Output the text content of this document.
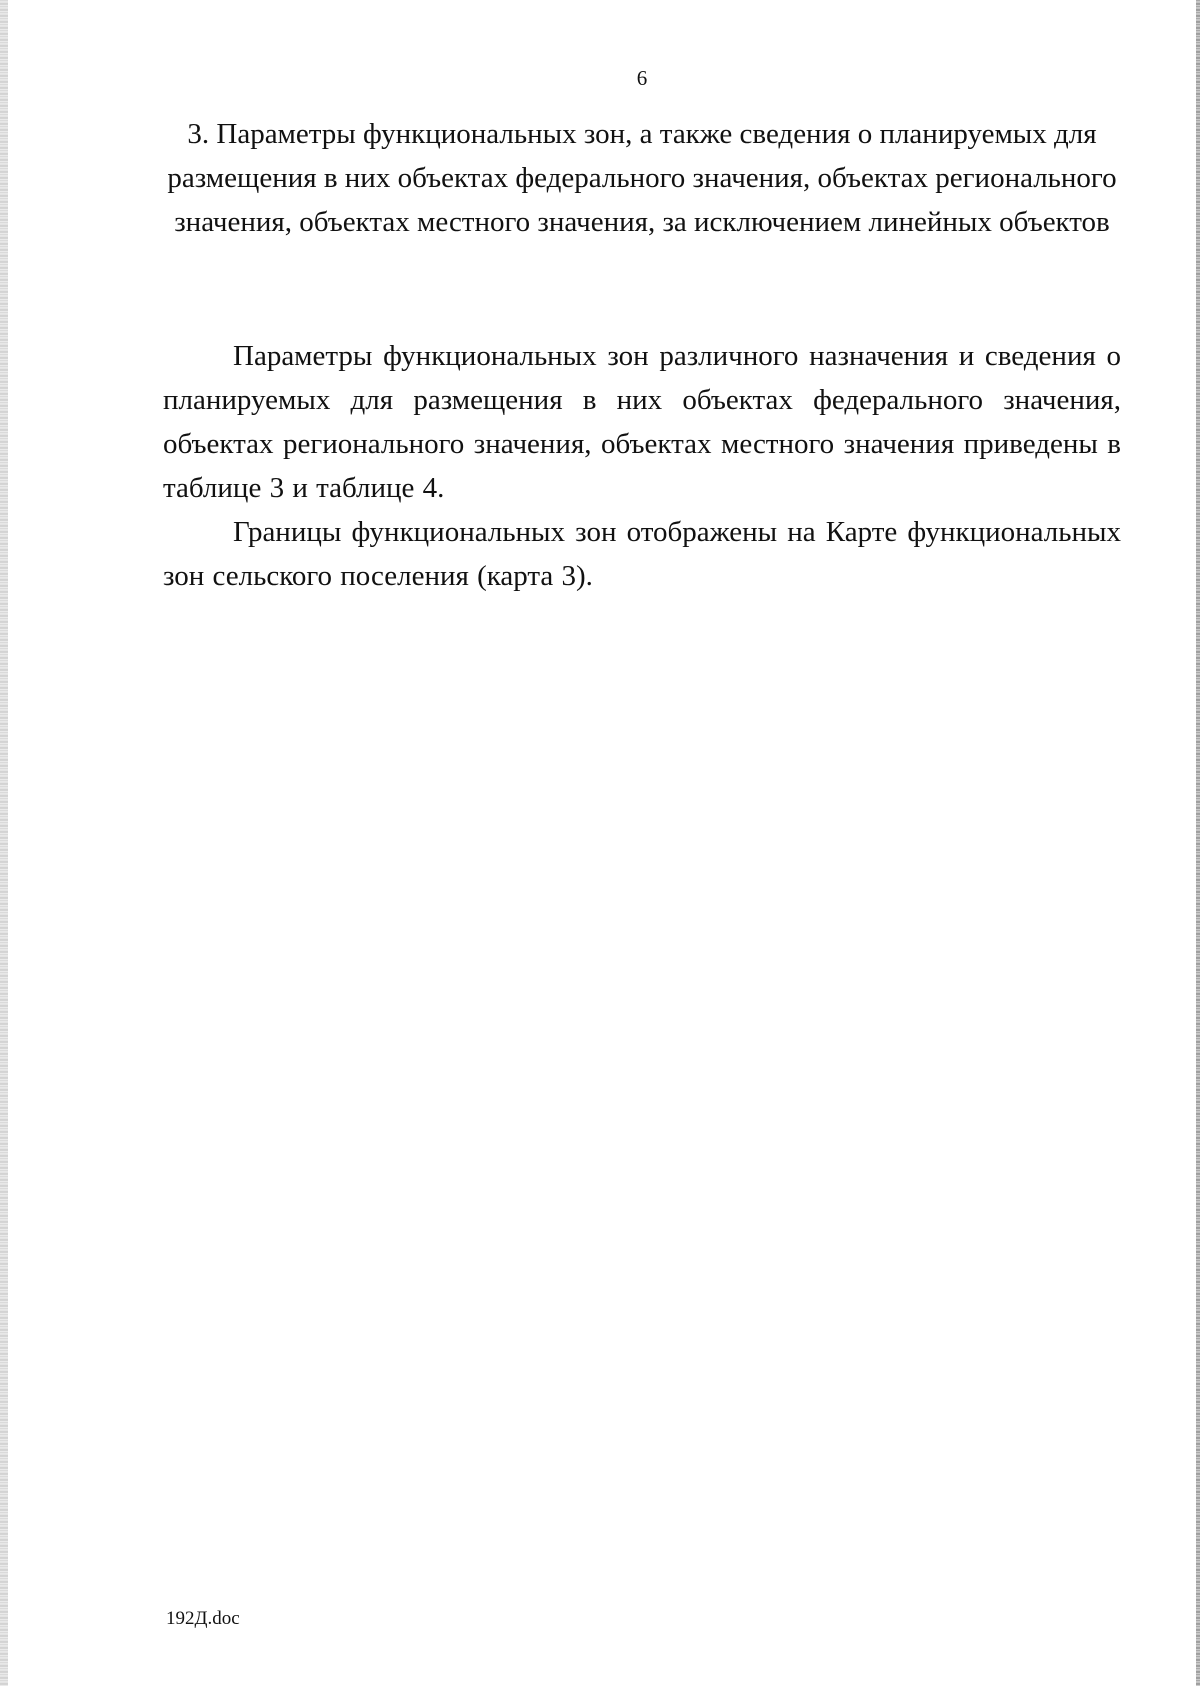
6
3. Параметры функциональных зон, а также сведения о планируемых для размещения в них объектах федерального значения, объектах регионального значения, объектах местного значения, за исключением линейных объектов

Параметры функциональных зон различного назначения и сведения о планируемых для размещения в них объектах федерального значения, объектах регионального значения, объектах местного значения приведены в таблице 3 и таблице 4.

Границы функциональных зон отображены на Карте функциональных зон сельского поселения (карта 3).

192Д.doc
